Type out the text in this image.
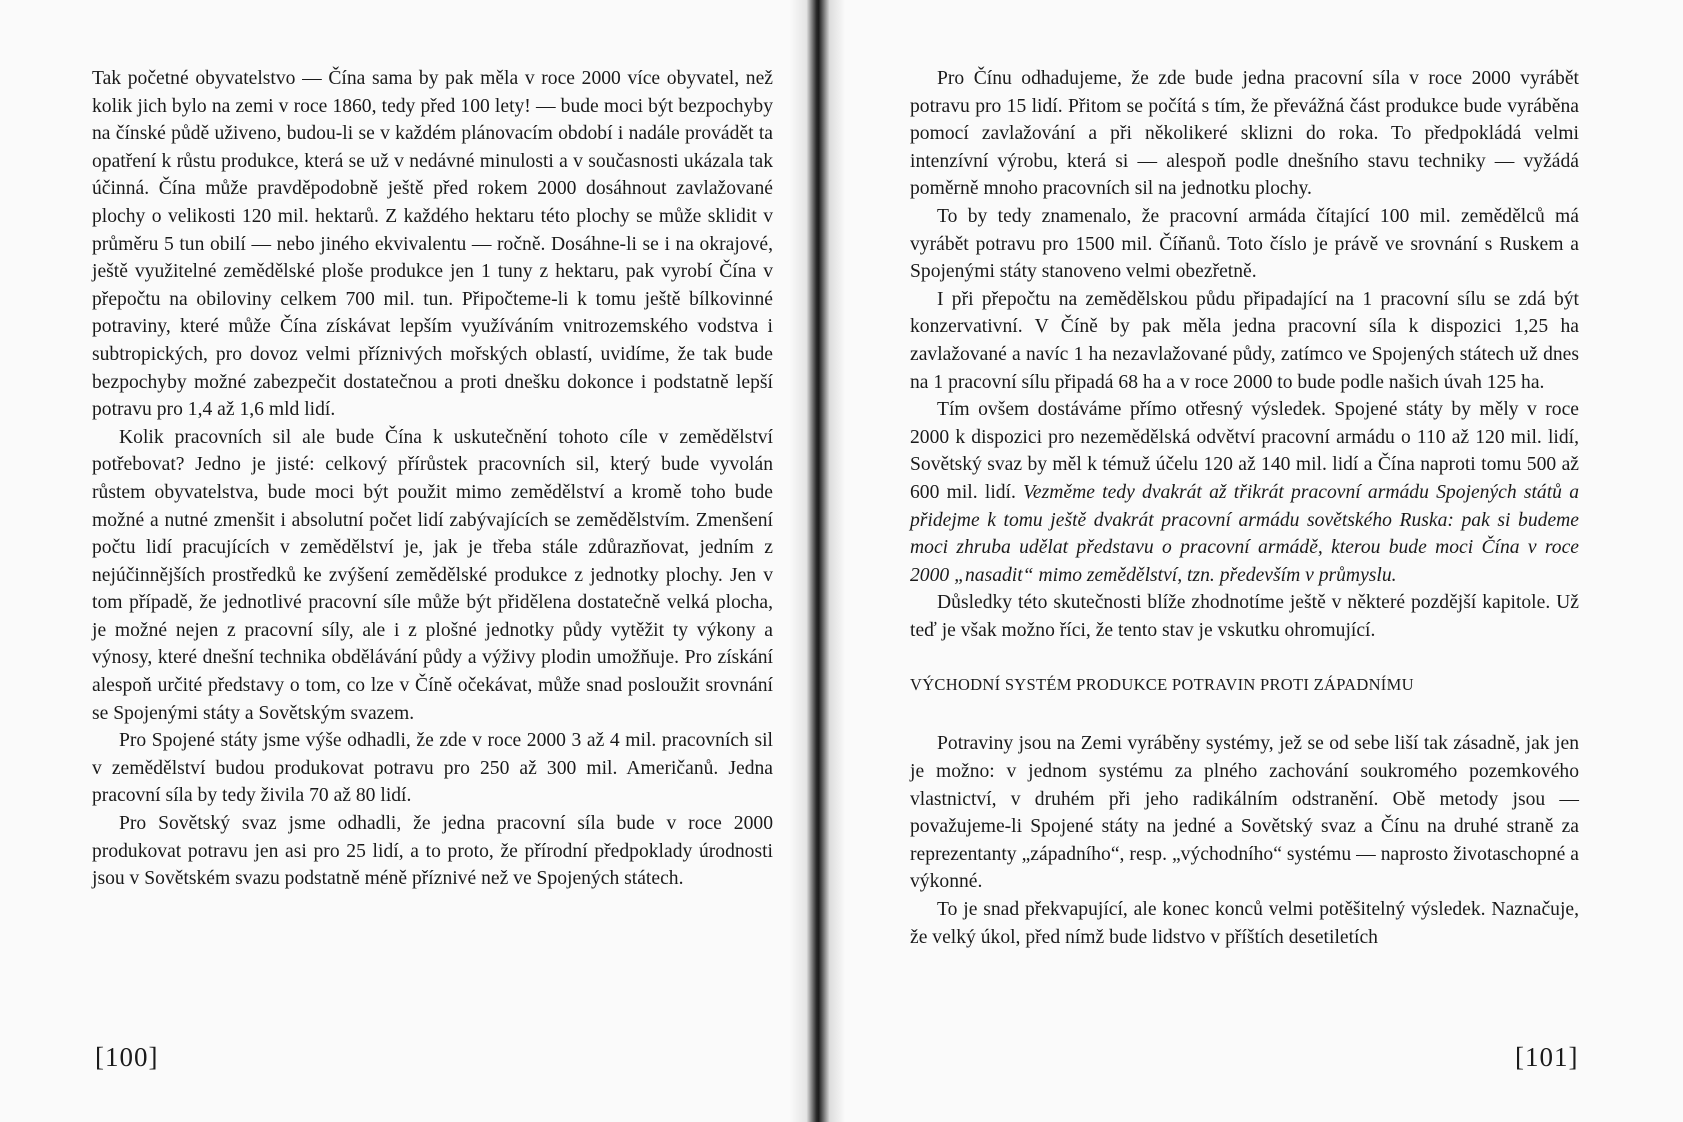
Tak početné obyvatelstvo — Čína sama by pak měla v roce 2000 více obyvatel, než kolik jich bylo na zemi v roce 1860, tedy před 100 lety! — bude moci být bezpochyby na čínské půdě uživeno, budou-li se v každém plánovacím období i nadále provádět ta opatření k růstu produkce, která se už v nedávné minulosti a v současnosti ukázala tak účinná. Čína může pravděpodobně ještě před rokem 2000 dosáhnout zavlažované plochy o velikosti 120 mil. hektarů. Z každého hektaru této plochy se může sklidit v průměru 5 tun obilí — nebo jiného ekvivalentu — ročně. Dosáhne-li se i na okrajové, ještě využitelné zemědělské ploše produkce jen 1 tuny z hektaru, pak vyrobí Čína v přepočtu na obiloviny celkem 700 mil. tun. Připočteme-li k tomu ještě bílkovinné potraviny, které může Čína získávat lepším využíváním vnitrozemského vodstva i subtropických, pro dovoz velmi příznivých mořských oblastí, uvidíme, že tak bude bezpochyby možné zabezpečit dostatečnou a proti dnešku dokonce i podstatně lepší potravu pro 1,4 až 1,6 mld lidí.

Kolik pracovních sil ale bude Čína k uskutečnění tohoto cíle v zemědělství potřebovat? Jedno je jisté: celkový přírůstek pracovních sil, který bude vyvolán růstem obyvatelstva, bude moci být použit mimo zemědělství a kromě toho bude možné a nutné zmenšit i absolutní počet lidí zabývajících se zemědělstvím. Zmenšení počtu lidí pracujících v zemědělství je, jak je třeba stále zdůrazňovat, jedním z nejúčinnějších prostředků ke zvýšení zemědělské produkce z jednotky plochy. Jen v tom případě, že jednotlivé pracovní síle může být přidělena dostatečně velká plocha, je možné nejen z pracovní síly, ale i z plošné jednotky půdy vytěžit ty výkony a výnosy, které dnešní technika obdělávání půdy a výživy plodin umožňuje. Pro získání alespoň určité představy o tom, co lze v Číně očekávat, může snad posloužit srovnání se Spojenými státy a Sovětským svazem.

Pro Spojené státy jsme výše odhadli, že zde v roce 2000 3 až 4 mil. pracovních sil v zemědělství budou produkovat potravu pro 250 až 300 mil. Američanů. Jedna pracovní síla by tedy živila 70 až 80 lidí.

Pro Sovětský svaz jsme odhadli, že jedna pracovní síla bude v roce 2000 produkovat potravu jen asi pro 25 lidí, a to proto, že přírodní předpoklady úrodnosti jsou v Sovětském svazu podstatně méně příznivé než ve Spojených státech.

[100]

Pro Čínu odhadujeme, že zde bude jedna pracovní síla v roce 2000 vyrábět potravu pro 15 lidí. Přitom se počítá s tím, že převážná část produkce bude vyráběna pomocí zavlažování a při několikeré sklizni do roka. To předpokládá velmi intenzívní výrobu, která si — alespoň podle dnešního stavu techniky — vyžádá poměrně mnoho pracovních sil na jednotku plochy.

To by tedy znamenalo, že pracovní armáda čítající 100 mil. zemědělců má vyrábět potravu pro 1500 mil. Číňanů. Toto číslo je právě ve srovnání s Ruskem a Spojenými státy stanoveno velmi obezřetně.

I při přepočtu na zemědělskou půdu připadající na 1 pracovní sílu se zdá být konzervativní. V Číně by pak měla jedna pracovní síla k dispozici 1,25 ha zavlažované a navíc 1 ha nezavlažované půdy, zatímco ve Spojených státech už dnes na 1 pracovní sílu připadá 68 ha a v roce 2000 to bude podle našich úvah 125 ha.

Tím ovšem dostáváme přímo otřesný výsledek. Spojené státy by měly v roce 2000 k dispozici pro nezemědělská odvětví pracovní armádu o 110 až 120 mil. lidí, Sovětský svaz by měl k témuž účelu 120 až 140 mil. lidí a Čína naproti tomu 500 až 600 mil. lidí. Vezměme tedy dvakrát až třikrát pracovní armádu Spojených států a přidejme k tomu ještě dvakrát pracovní armádu sovětského Ruska: pak si budeme moci zhruba udělat představu o pracovní armádě, kterou bude moci Čína v roce 2000 „nasadit“ mimo zemědělství, tzn. především v průmyslu.

Důsledky této skutečnosti blíže zhodnotíme ještě v některé pozdější kapitole. Už teď je však možno říci, že tento stav je vskutku ohromující.

VÝCHODNÍ SYSTÉM PRODUKCE POTRAVIN PROTI ZÁPADNÍMU

Potraviny jsou na Zemi vyráběny systémy, jež se od sebe liší tak zásadně, jak jen je možno: v jednom systému za plného zachování soukromého pozemkového vlastnictví, v druhém při jeho radikálním odstranění. Obě metody jsou — považujeme-li Spojené státy na jedné a Sovětský svaz a Čínu na druhé straně za reprezentanty „západního“, resp. „východního“ systému — naprosto životaschopné a výkonné.

To je snad překvapující, ale konec konců velmi potěšitelný výsledek. Naznačuje, že velký úkol, před nímž bude lidstvo v příštích desetiletích

[101]
